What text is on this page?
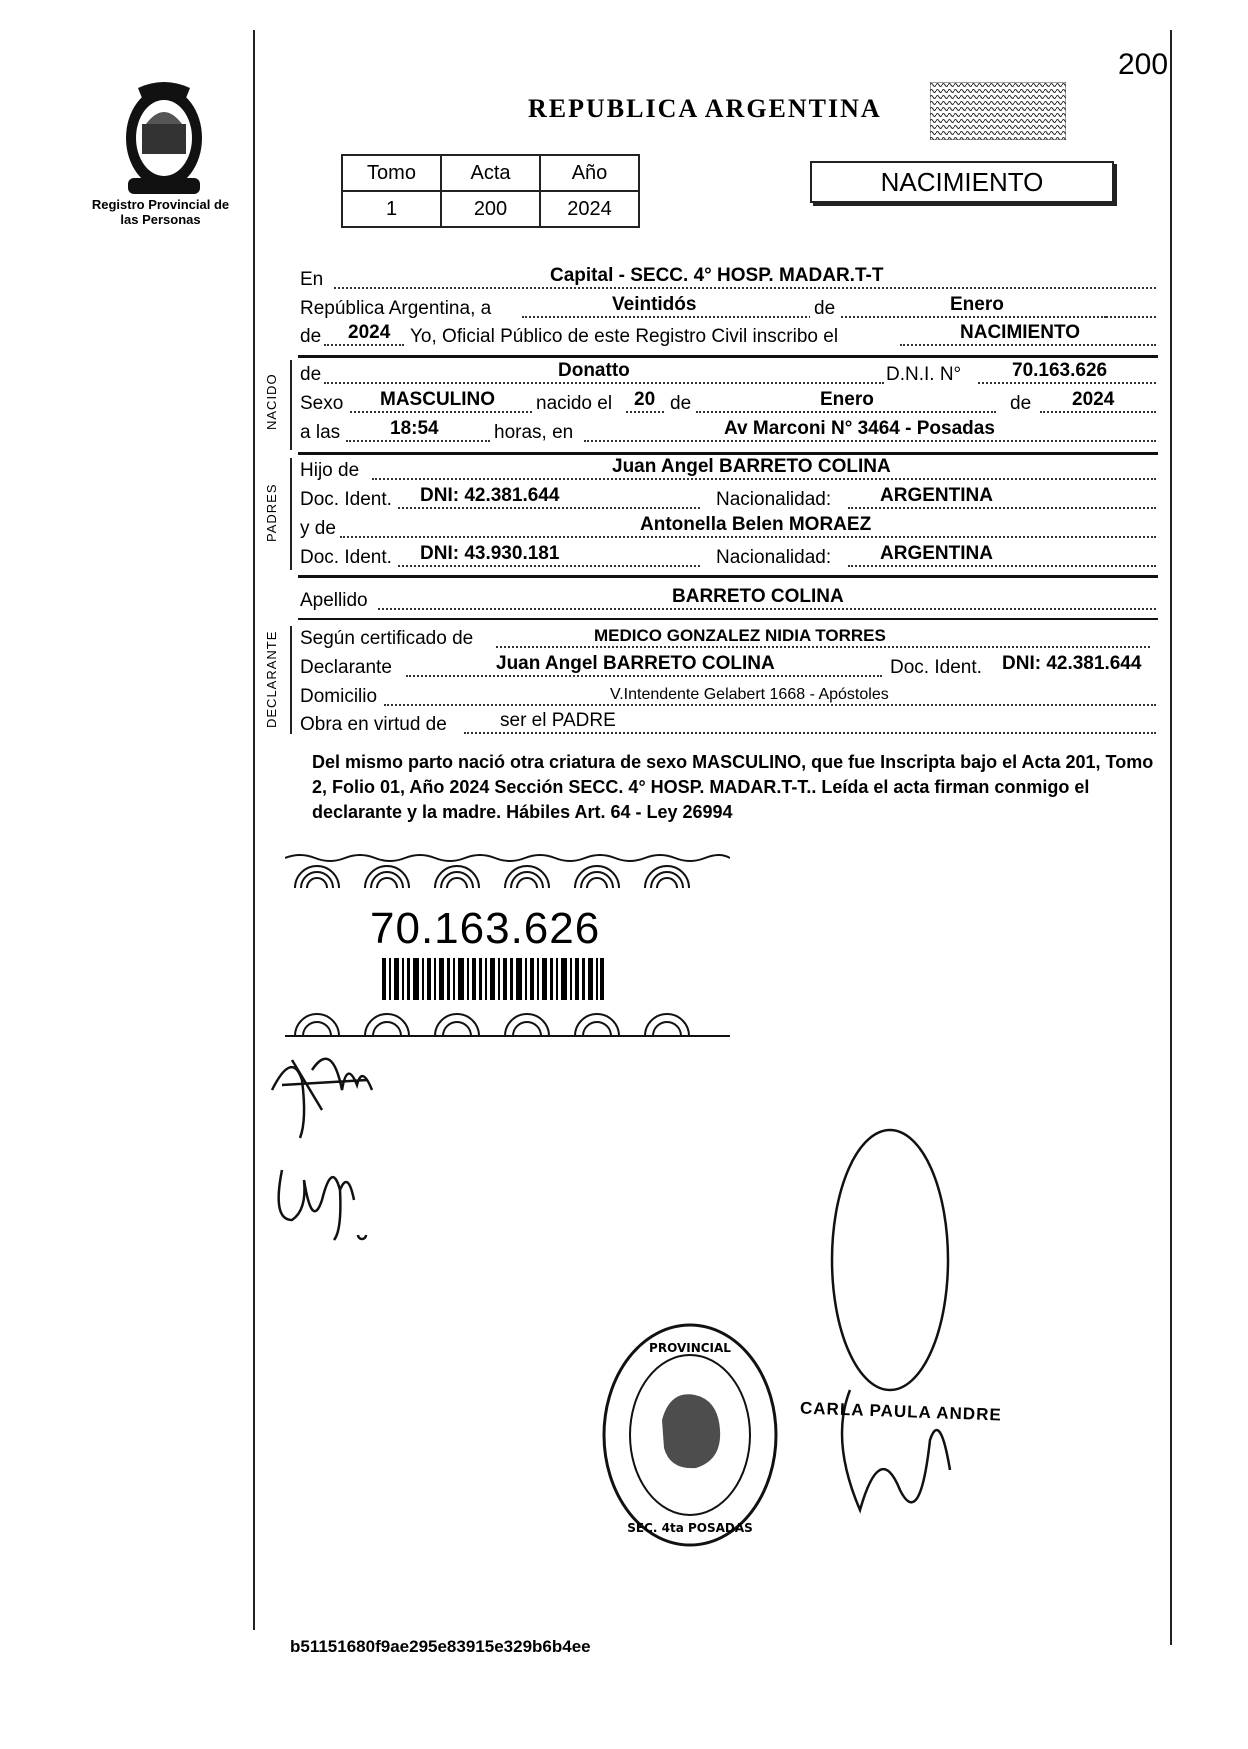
200
Registro Provincial de las Personas
REPUBLICA ARGENTINA
Tomo	Acta	Año
1	200	2024
NACIMIENTO
En	Capital - SECC. 4° HOSP. MADAR.T-T
República Argentina, a	Veintidós	de	Enero
de 2024 Yo, Oficial Público de este Registro Civil inscribo el	NACIMIENTO
NACIDO de	Donatto	D.N.I. N°	70.163.626
Sexo MASCULINO nacido el 20 de	Enero	de 2024
a las	18:54	horas, en	Av Marconi N° 3464 - Posadas
PADRES
Hijo de	Juan Angel BARRETO COLINA
Doc. Ident. DNI: 42.381.644	Nacionalidad:	ARGENTINA
y de	Antonella Belen MORAEZ
Doc. Ident. DNI: 43.930.181	Nacionalidad:	ARGENTINA
Apellido	BARRETO COLINA
DECLARANTE Según certificado de	MEDICO GONZALEZ NIDIA TORRES
Declarante	Juan Angel BARRETO COLINA	Doc. Ident. DNI: 42.381.644
Domicilio	V.Intendente Gelabert 1668 - Apóstoles
Obra en virtud de	ser el PADRE
Del mismo parto nació otra criatura de sexo MASCULINO, que fue Inscripta bajo el Acta 201, Tomo 2, Folio 01, Año 2024 Sección SECC. 4° HOSP. MADAR.T-T.. Leída el acta firman conmigo el declarante y la madre. Hábiles Art. 64 - Ley 26994
70.163.626
PROVINCIAL
SEC. 4ta POSADAS
CARLA PAULA ANDRE
b51151680f9ae295e83915e329b6b4ee
